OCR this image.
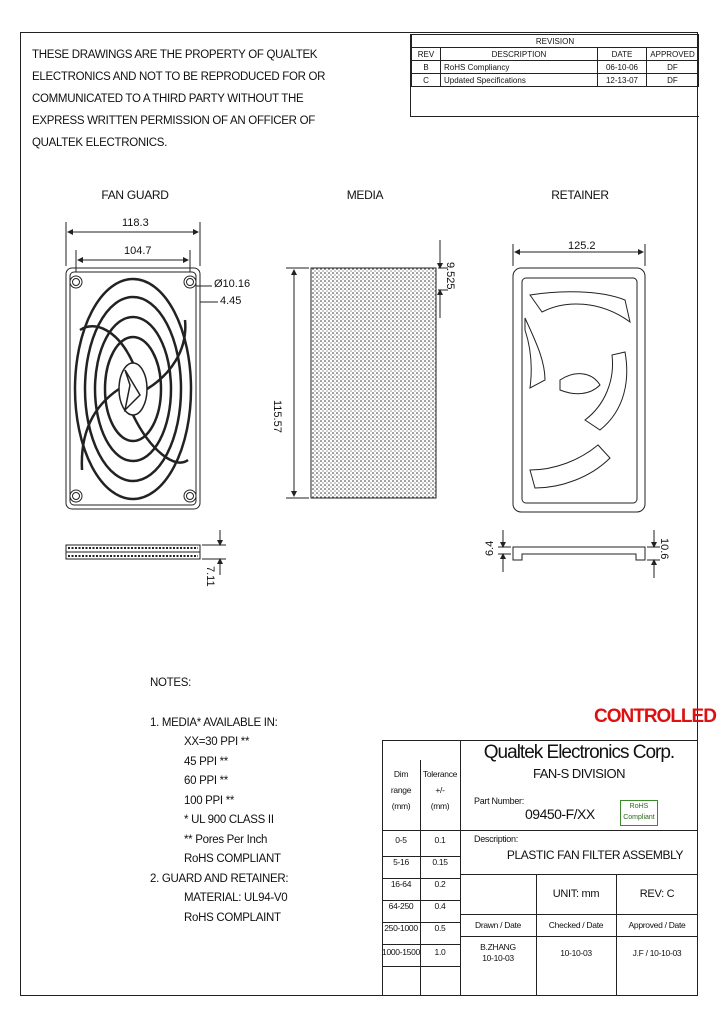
THESE DRAWINGS ARE THE PROPERTY OF QUALTEK
ELECTRONICS AND NOT TO BE REPRODUCED FOR OR
COMMUNICATED TO A THIRD PARTY WITHOUT THE
EXPRESS WRITTEN PERMISSION OF AN OFFICER OF
QUALTEK ELECTRONICS.
REVISION			
REV	DESCRIPTION	DATE	APPROVED
B	RoHS Compliancy	06-10-06	DF
C	Updated Specifications	12-13-07	DF
FAN GUARD	MEDIA	RETAINER
118.3
104.7
Ø10.16
4.45
7.11
115.57
9.525
125.2
6.4	10.6
NOTES:
1. MEDIA* AVAILABLE IN:
XX=30 PPI **
45 PPI **
60 PPI **
100 PPI **
* UL 900 CLASS II
** Pores Per Inch
RoHS COMPLIANT
2. GUARD AND RETAINER:
MATERIAL: UL94-V0
RoHS COMPLAINT
CONTROLLED
Qualtek Electronics Corp.
FAN-S DIVISION
Dim
range
(mm)
Tolerance
+/-
(mm)
0-5	0.1
5-16	0.15
16-64	0.2
64-250	0.4
250-1000	0.5
1000-1500	1.0
Part Number:
09450-F/XX	RoHS
Compliant
Description:
PLASTIC FAN FILTER ASSEMBLY
UNIT: mm	REV: C
Drawn / Date	Checked / Date	Approved / Date
B.ZHANG
10-10-03	10-10-03	J.F / 10-10-03
